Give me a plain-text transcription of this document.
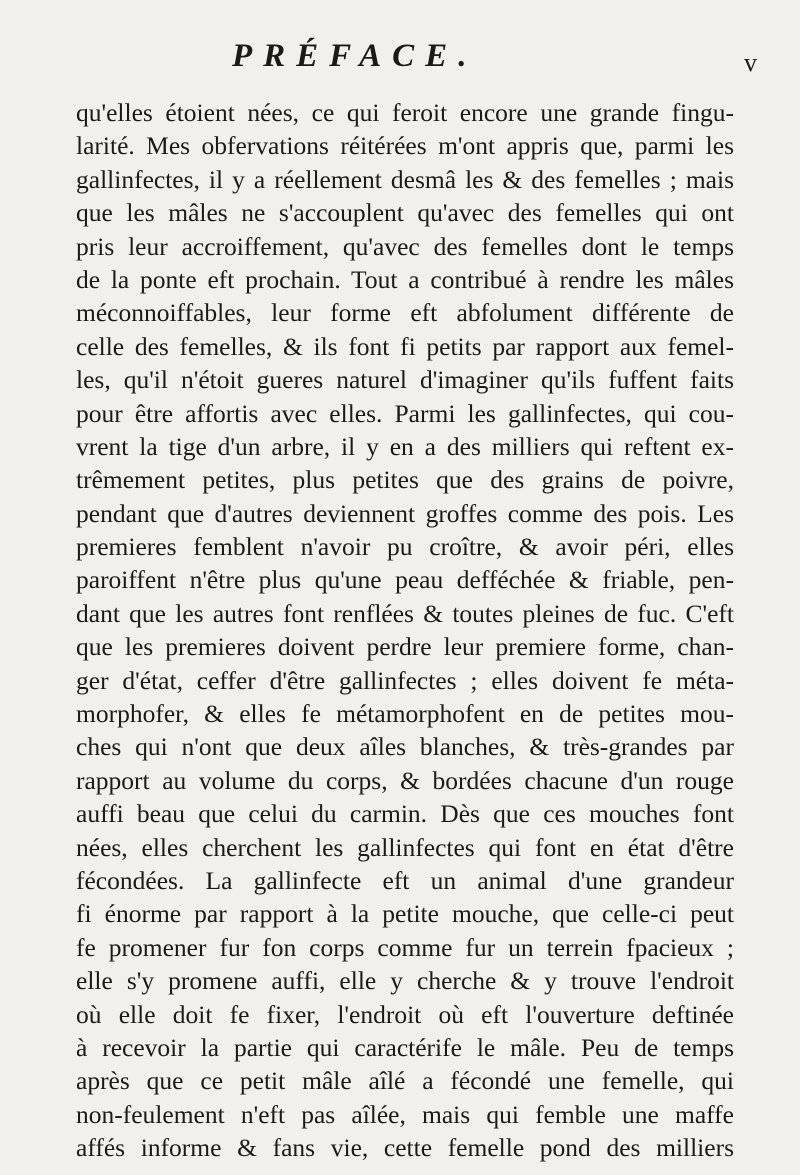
PRÉFACE.	v
qu'elles étoient nées, ce qui feroit encore une grande fingu-
larité. Mes obfervations réitérées m'ont appris que, parmi les
gallinfectes, il y a réellement desmâ les & des femelles ; mais
que les mâles ne s'accouplent qu'avec des femelles qui ont
pris leur accroiffement, qu'avec des femelles dont le temps
de la ponte eft prochain. Tout a contribué à rendre les mâles
méconnoiffables, leur forme eft abfolument différente de
celle des femelles, & ils font fi petits par rapport aux femel-
les, qu'il n'étoit gueres naturel d'imaginer qu'ils fuffent faits
pour être affortis avec elles. Parmi les gallinfectes, qui cou-
vrent la tige d'un arbre, il y en a des milliers qui reftent ex-
trêmement petites, plus petites que des grains de poivre,
pendant que d'autres deviennent groffes comme des pois. Les
premieres femblent n'avoir pu croître, & avoir péri, elles
paroiffent n'être plus qu'une peau defféchée & friable, pen-
dant que les autres font renflées & toutes pleines de fuc. C'eft
que les premieres doivent perdre leur premiere forme, chan-
ger d'état, ceffer d'être gallinfectes ; elles doivent fe méta-
morphofer, & elles fe métamorphofent en de petites mou-
ches qui n'ont que deux aîles blanches, & très-grandes par
rapport au volume du corps, & bordées chacune d'un rouge
auffi beau que celui du carmin. Dès que ces mouches font
nées, elles cherchent les gallinfectes qui font en état d'être
fécondées. La gallinfecte eft un animal d'une grandeur
fi énorme par rapport à la petite mouche, que celle-ci peut
fe promener fur fon corps comme fur un terrein fpacieux ;
elle s'y promene auffi, elle y cherche & y trouve l'endroit
où elle doit fe fixer, l'endroit où eft l'ouverture deftinée
à recevoir la partie qui caractérife le mâle. Peu de temps
après que ce petit mâle aîlé a fécondé une femelle, qui
non-feulement n'eft pas aîlée, mais qui femble une maffe
affés informe & fans vie, cette femelle pond des milliers
